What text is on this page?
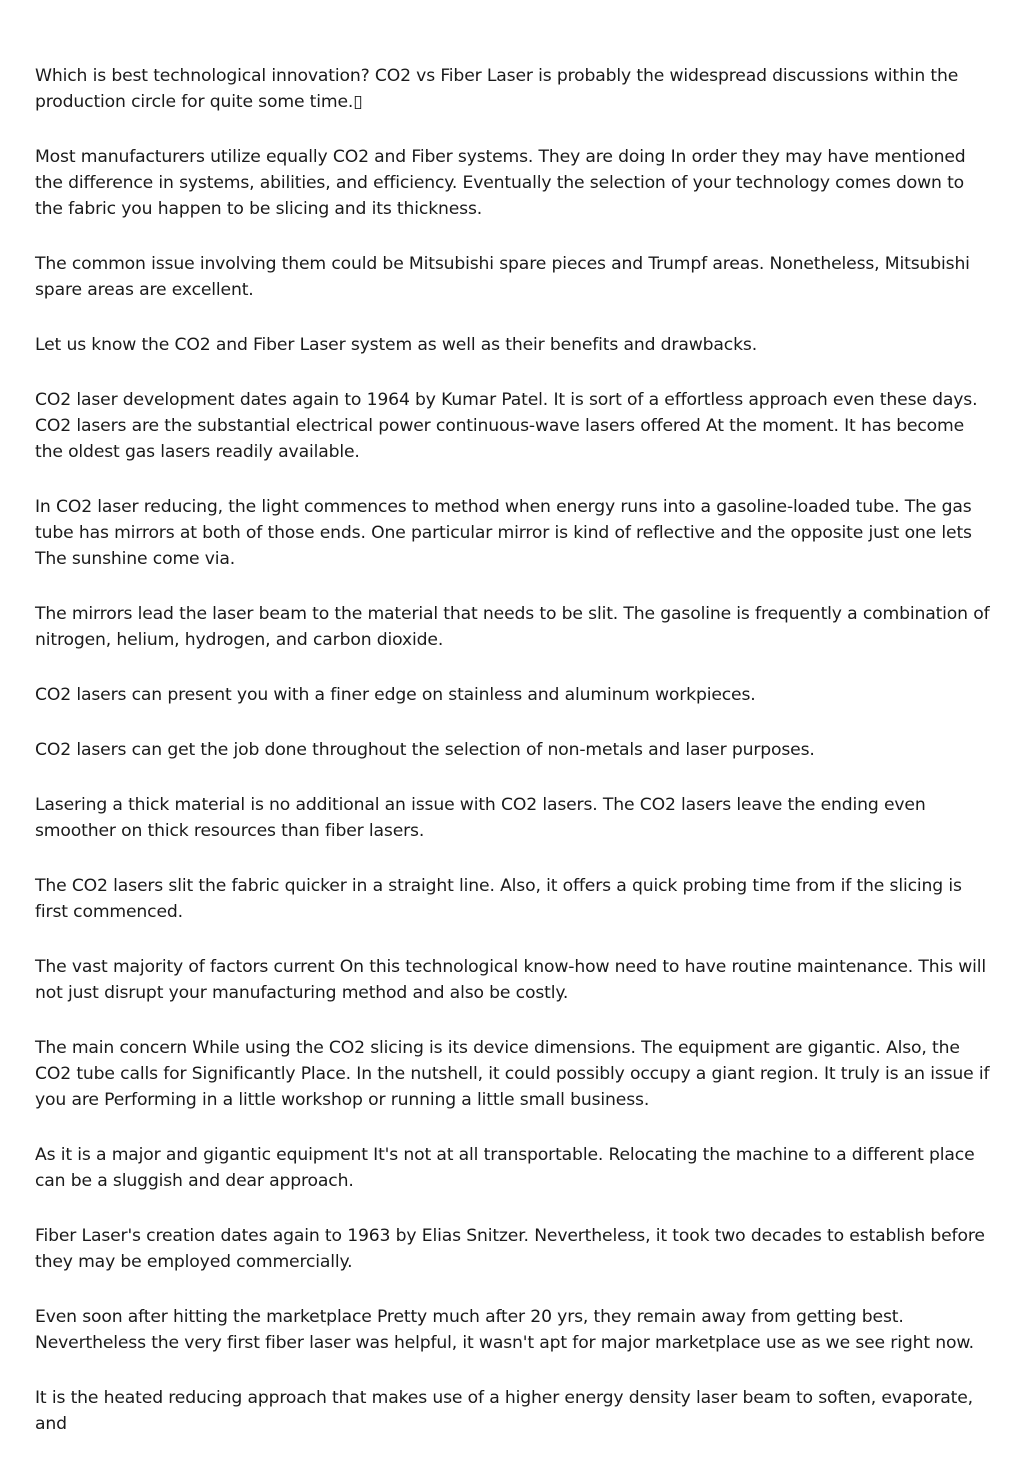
Which is best technological innovation? CO2 vs Fiber Laser is probably the widespread discussions within the production circle for quite some time.▯

Most manufacturers utilize equally CO2 and Fiber systems. They are doing In order they may have mentioned the difference in systems, abilities, and efficiency. Eventually the selection of your technology comes down to the fabric you happen to be slicing and its thickness.

The common issue involving them could be Mitsubishi spare pieces and Trumpf areas. Nonetheless, Mitsubishi spare areas are excellent.

Let us know the CO2 and Fiber Laser system as well as their benefits and drawbacks.

CO2 laser development dates again to 1964 by Kumar Patel. It is sort of a effortless approach even these days. CO2 lasers are the substantial electrical power continuous-wave lasers offered At the moment. It has become the oldest gas lasers readily available.

In CO2 laser reducing, the light commences to method when energy runs into a gasoline-loaded tube. The gas tube has mirrors at both of those ends. One particular mirror is kind of reflective and the opposite just one lets The sunshine come via.

The mirrors lead the laser beam to the material that needs to be slit. The gasoline is frequently a combination of nitrogen, helium, hydrogen, and carbon dioxide.

CO2 lasers can present you with a finer edge on stainless and aluminum workpieces.

CO2 lasers can get the job done throughout the selection of non-metals and laser purposes.

Lasering a thick material is no additional an issue with CO2 lasers. The CO2 lasers leave the ending even smoother on thick resources than fiber lasers.

The CO2 lasers slit the fabric quicker in a straight line. Also, it offers a quick probing time from if the slicing is first commenced.

The vast majority of factors current On this technological know-how need to have routine maintenance. This will not just disrupt your manufacturing method and also be costly.

The main concern While using the CO2 slicing is its device dimensions. The equipment are gigantic. Also, the CO2 tube calls for Significantly Place. In the nutshell, it could possibly occupy a giant region. It truly is an issue if you are Performing in a little workshop or running a little small business.

As it is a major and gigantic equipment It's not at all transportable. Relocating the machine to a different place can be a sluggish and dear approach.

Fiber Laser's creation dates again to 1963 by Elias Snitzer. Nevertheless, it took two decades to establish before they may be employed commercially.

Even soon after hitting the marketplace Pretty much after 20 yrs, they remain away from getting best. Nevertheless the very first fiber laser was helpful, it wasn't apt for major marketplace use as we see right now.

It is the heated reducing approach that makes use of a higher energy density laser beam to soften, evaporate, and
